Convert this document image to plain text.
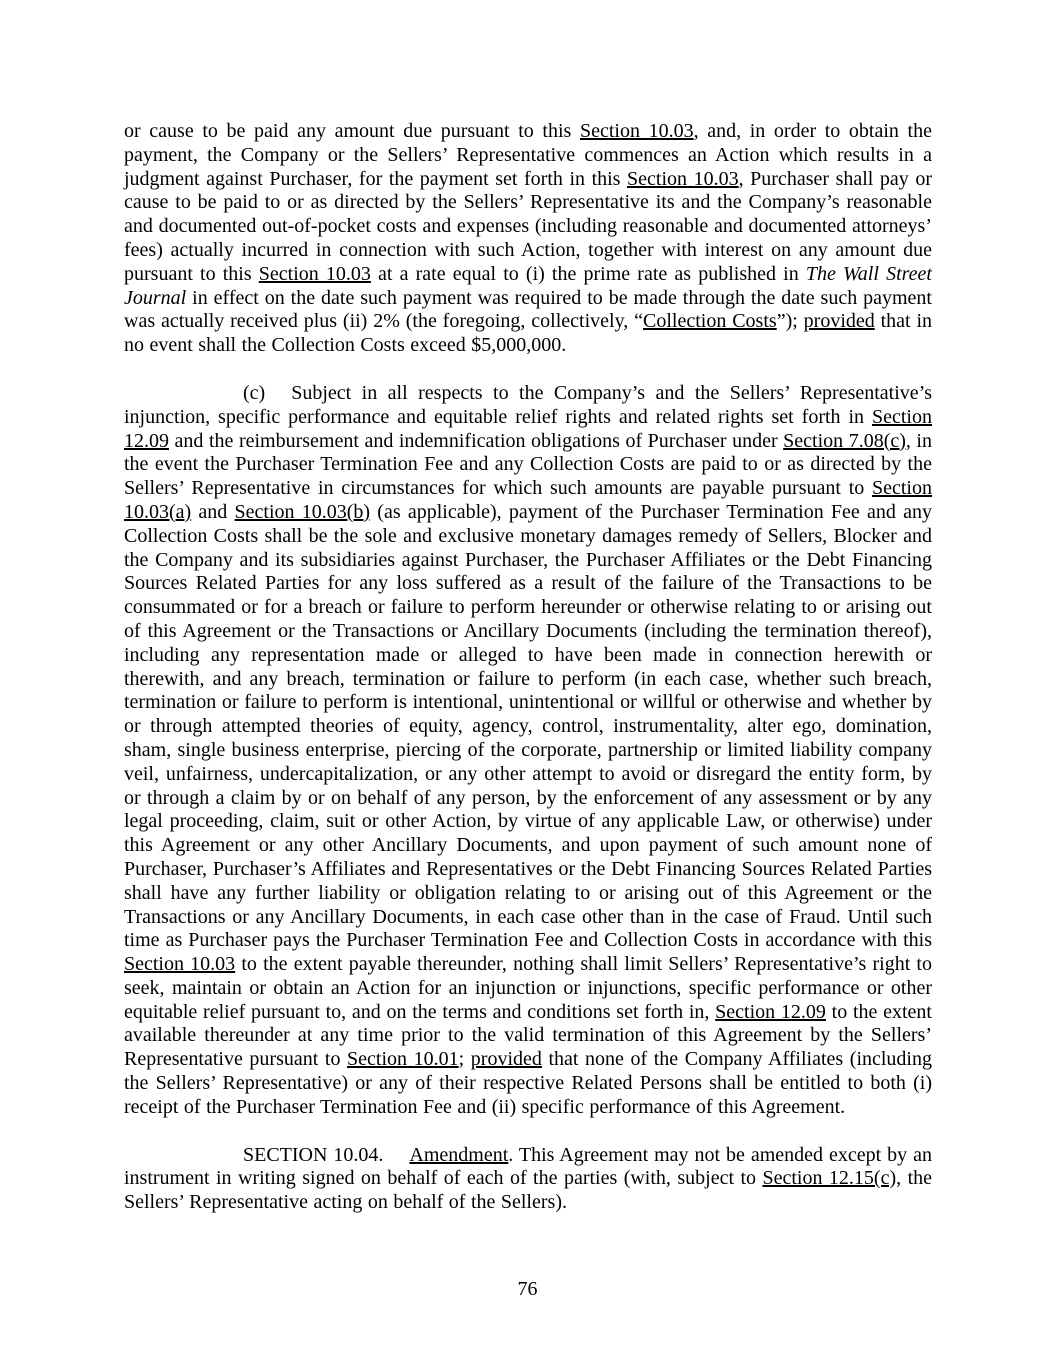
or cause to be paid any amount due pursuant to this Section 10.03, and, in order to obtain the payment, the Company or the Sellers’ Representative commences an Action which results in a judgment against Purchaser, for the payment set forth in this Section 10.03, Purchaser shall pay or cause to be paid to or as directed by the Sellers’ Representative its and the Company’s reasonable and documented out-of-pocket costs and expenses (including reasonable and documented attorneys’ fees) actually incurred in connection with such Action, together with interest on any amount due pursuant to this Section 10.03 at a rate equal to (i) the prime rate as published in The Wall Street Journal in effect on the date such payment was required to be made through the date such payment was actually received plus (ii) 2% (the foregoing, collectively, “Collection Costs”); provided that in no event shall the Collection Costs exceed $5,000,000.

(c) Subject in all respects to the Company’s and the Sellers’ Representative’s injunction, specific performance and equitable relief rights and related rights set forth in Section 12.09 and the reimbursement and indemnification obligations of Purchaser under Section 7.08(c), in the event the Purchaser Termination Fee and any Collection Costs are paid to or as directed by the Sellers’ Representative in circumstances for which such amounts are payable pursuant to Section 10.03(a) and Section 10.03(b) (as applicable), payment of the Purchaser Termination Fee and any Collection Costs shall be the sole and exclusive monetary damages remedy of Sellers, Blocker and the Company and its subsidiaries against Purchaser, the Purchaser Affiliates or the Debt Financing Sources Related Parties for any loss suffered as a result of the failure of the Transactions to be consummated or for a breach or failure to perform hereunder or otherwise relating to or arising out of this Agreement or the Transactions or Ancillary Documents (including the termination thereof), including any representation made or alleged to have been made in connection herewith or therewith, and any breach, termination or failure to perform (in each case, whether such breach, termination or failure to perform is intentional, unintentional or willful or otherwise and whether by or through attempted theories of equity, agency, control, instrumentality, alter ego, domination, sham, single business enterprise, piercing of the corporate, partnership or limited liability company veil, unfairness, undercapitalization, or any other attempt to avoid or disregard the entity form, by or through a claim by or on behalf of any person, by the enforcement of any assessment or by any legal proceeding, claim, suit or other Action, by virtue of any applicable Law, or otherwise) under this Agreement or any other Ancillary Documents, and upon payment of such amount none of Purchaser, Purchaser’s Affiliates and Representatives or the Debt Financing Sources Related Parties shall have any further liability or obligation relating to or arising out of this Agreement or the Transactions or any Ancillary Documents, in each case other than in the case of Fraud. Until such time as Purchaser pays the Purchaser Termination Fee and Collection Costs in accordance with this Section 10.03 to the extent payable thereunder, nothing shall limit Sellers’ Representative’s right to seek, maintain or obtain an Action for an injunction or injunctions, specific performance or other equitable relief pursuant to, and on the terms and conditions set forth in, Section 12.09 to the extent available thereunder at any time prior to the valid termination of this Agreement by the Sellers’ Representative pursuant to Section 10.01; provided that none of the Company Affiliates (including the Sellers’ Representative) or any of their respective Related Persons shall be entitled to both (i) receipt of the Purchaser Termination Fee and (ii) specific performance of this Agreement.

SECTION 10.04. Amendment. This Agreement may not be amended except by an instrument in writing signed on behalf of each of the parties (with, subject to Section 12.15(c), the Sellers’ Representative acting on behalf of the Sellers).

76
